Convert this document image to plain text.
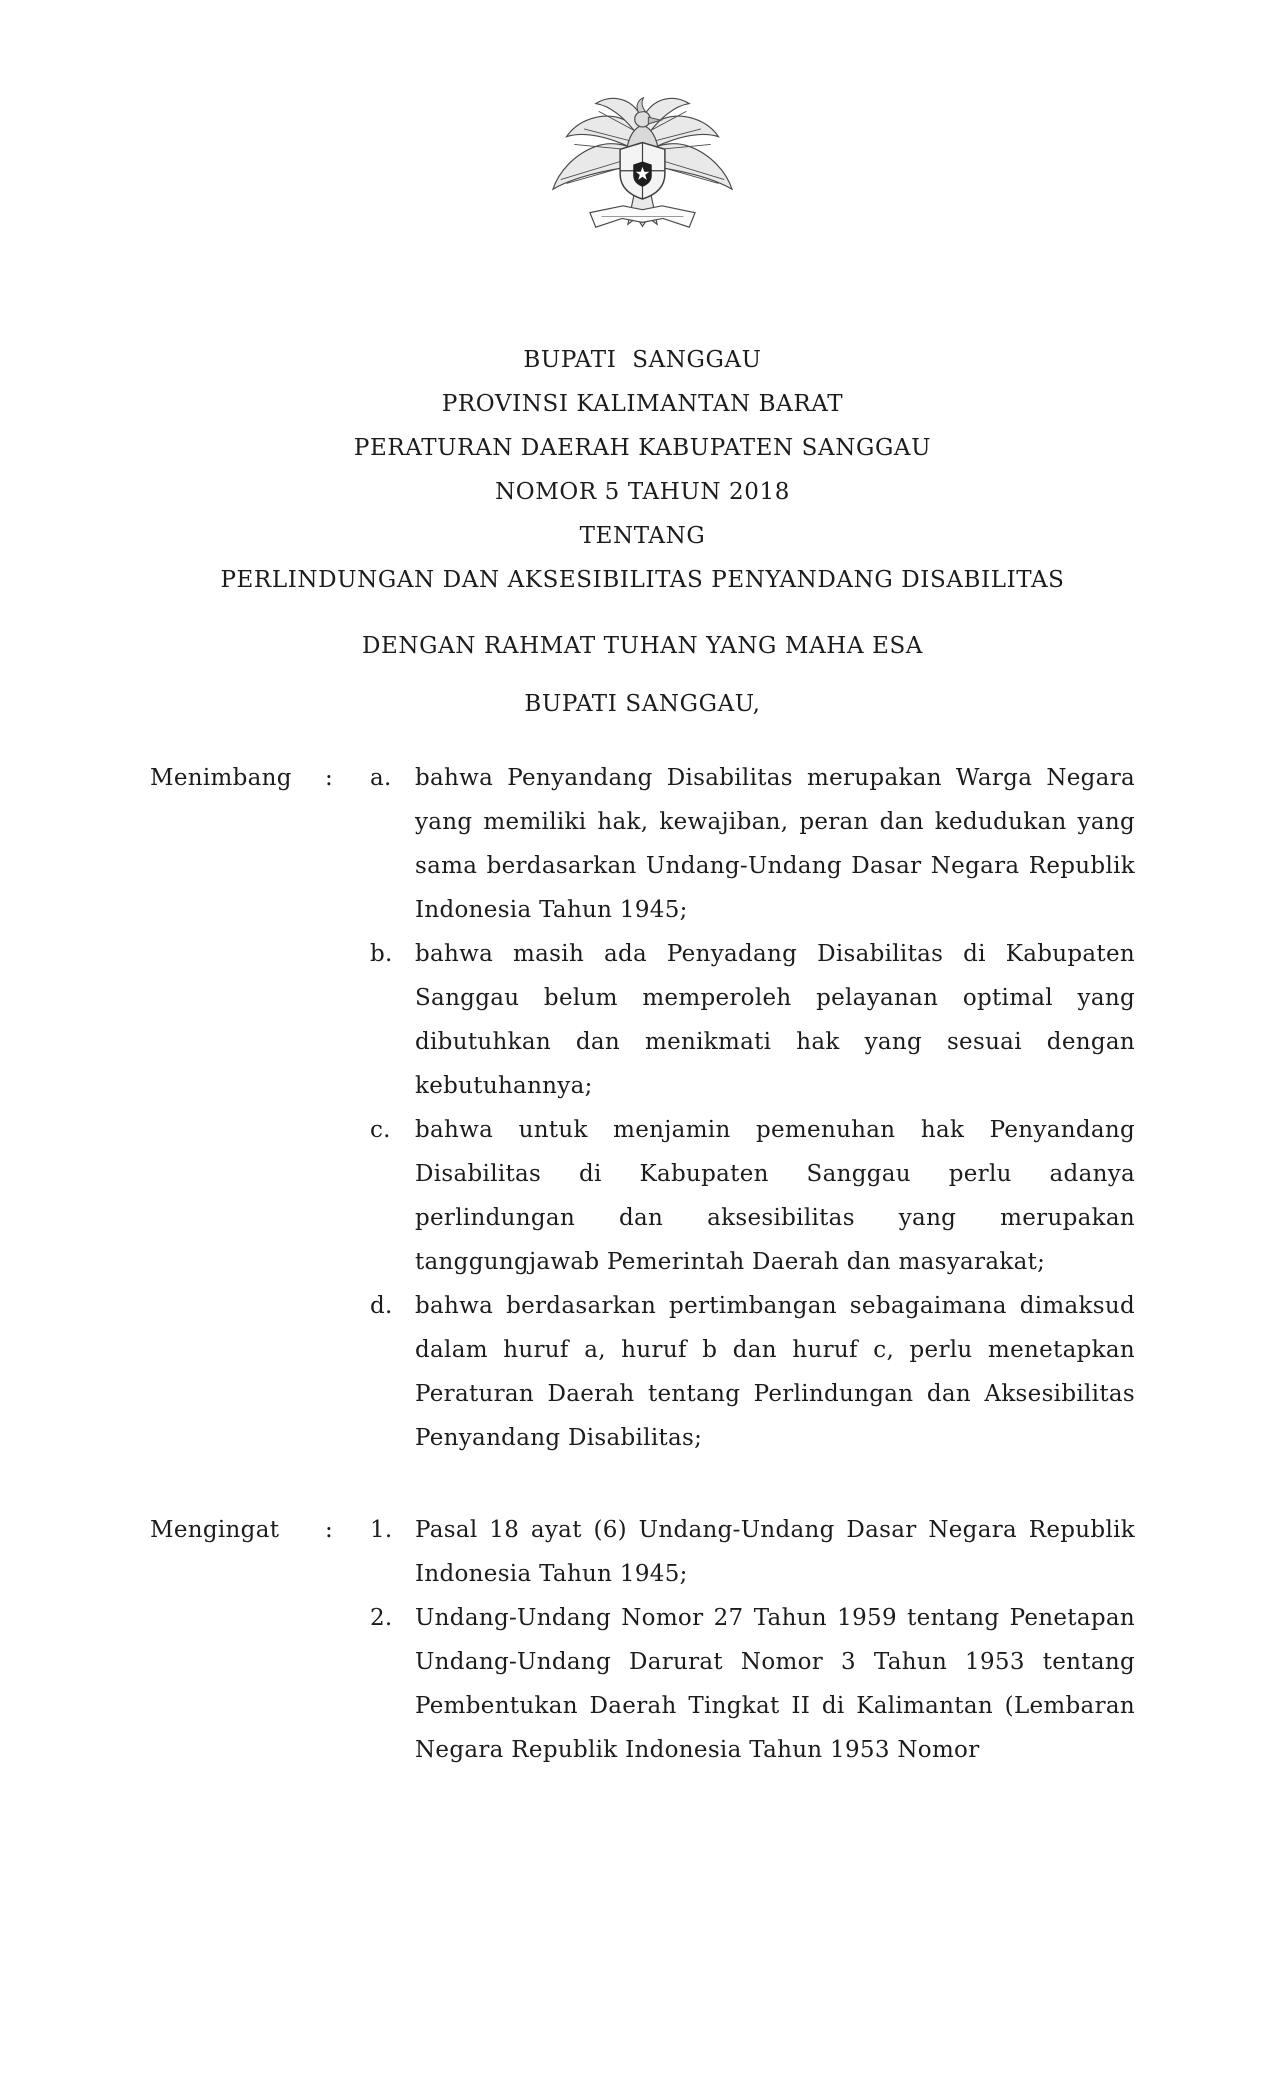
BUPATI  SANGGAU
PROVINSI KALIMANTAN BARAT
PERATURAN DAERAH KABUPATEN SANGGAU
NOMOR 5 TAHUN 2018
TENTANG
PERLINDUNGAN DAN AKSESIBILITAS PENYANDANG DISABILITAS
DENGAN RAHMAT TUHAN YANG MAHA ESA
BUPATI SANGGAU,
Menimbang	:	a.	bahwa Penyandang Disabilitas merupakan Warga Negara yang memiliki hak, kewajiban, peran dan kedudukan yang sama berdasarkan Undang-Undang Dasar Negara Republik Indonesia Tahun 1945;
b. bahwa masih ada Penyadang Disabilitas di Kabupaten Sanggau belum memperoleh pelayanan optimal yang dibutuhkan dan menikmati hak yang sesuai dengan kebutuhannya;
c.	bahwa untuk menjamin pemenuhan hak Penyandang Disabilitas di Kabupaten Sanggau perlu adanya perlindungan dan aksesibilitas yang merupakan tanggungjawab Pemerintah Daerah dan masyarakat;
d. bahwa berdasarkan pertimbangan sebagaimana dimaksud dalam huruf a, huruf b dan huruf c, perlu menetapkan Peraturan Daerah tentang Perlindungan dan Aksesibilitas Penyandang Disabilitas;
Mengingat	:	1. Pasal 18 ayat (6) Undang-Undang Dasar Negara Republik Indonesia Tahun 1945;
2. Undang-Undang Nomor 27 Tahun 1959 tentang Penetapan Undang-Undang Darurat Nomor 3 Tahun 1953 tentang Pembentukan Daerah Tingkat II di Kalimantan (Lembaran Negara Republik Indonesia Tahun 1953 Nomor
